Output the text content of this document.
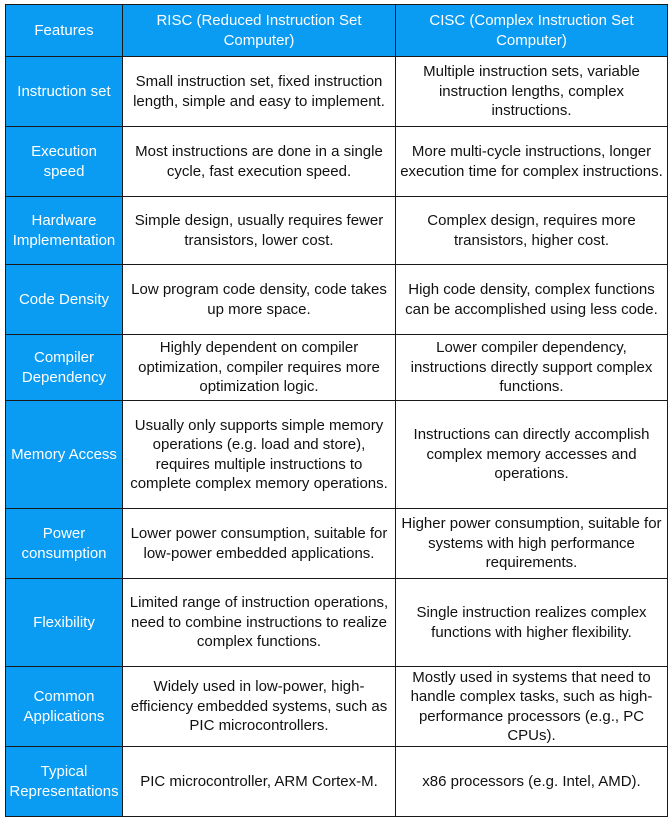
Features	RISC (Reduced Instruction Set Computer)	CISC (Complex Instruction Set Computer)
Instruction set	Small instruction set, fixed instruction length, simple and easy to implement.	Multiple instruction sets, variable instruction lengths, complex instructions.
Execution speed	Most instructions are done in a single cycle, fast execution speed.	More multi-cycle instructions, longer execution time for complex instructions.
Hardware Implementation	Simple design, usually requires fewer transistors, lower cost.	Complex design, requires more transistors, higher cost.
Code Density	Low program code density, code takes up more space.	High code density, complex functions can be accomplished using less code.
Compiler Dependency	Highly dependent on compiler optimization, compiler requires more optimization logic.	Lower compiler dependency, instructions directly support complex functions.
Memory Access	Usually only supports simple memory operations (e.g. load and store), requires multiple instructions to complete complex memory operations.	Instructions can directly accomplish complex memory accesses and operations.
Power consumption	Lower power consumption, suitable for low-power embedded applications.	Higher power consumption, suitable for systems with high performance requirements.
Flexibility	Limited range of instruction operations, need to combine instructions to realize complex functions.	Single instruction realizes complex functions with higher flexibility.
Common Applications	Widely used in low-power, high-efficiency embedded systems, such as PIC microcontrollers.	Mostly used in systems that need to handle complex tasks, such as high-performance processors (e.g., PC CPUs).
Typical Representations	PIC microcontroller, ARM Cortex-M.	x86 processors (e.g. Intel, AMD).
